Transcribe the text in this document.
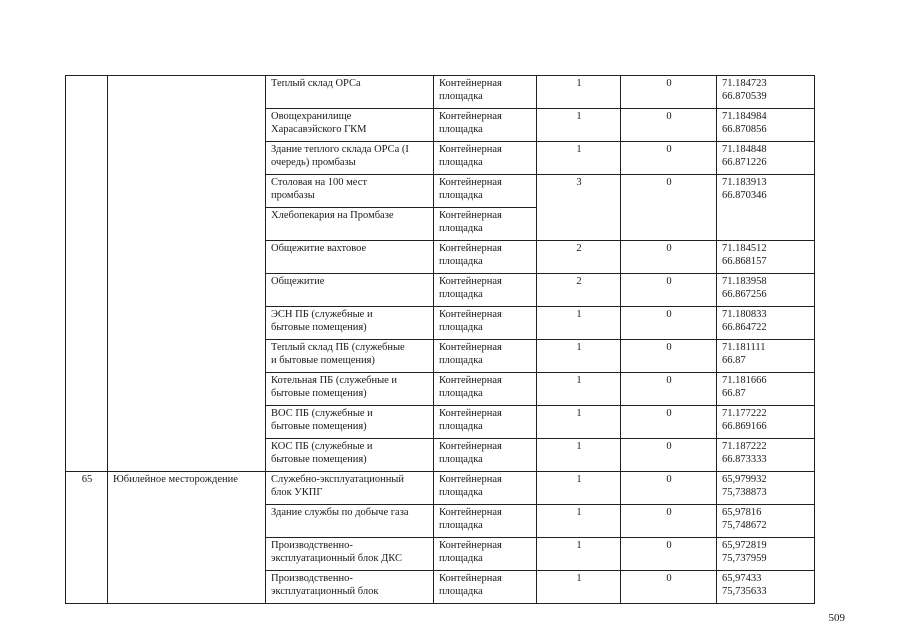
		Теплый склад ОРСа	Контейнерная
площадка	1	0	71.184723
66.870539

		Овощехранилище
Харасавэйского ГКМ	Контейнерная
площадка	1	0	71.184984
66.870856

		Здание теплого склада ОРСа (I
очередь) промбазы	Контейнерная
площадка	1	0	71.184848
66.871226

		Столовая на 100 мест
промбазы	Контейнерная
площадка	3	0	71.183913
66.870346

		Хлебопекария на Промбазе	Контейнерная
площадка			

		Общежитие вахтовое	Контейнерная
площадка	2	0	71.184512
66.868157

		Общежитие	Контейнерная
площадка	2	0	71.183958
66.867256

		ЭСН ПБ (служебные и
бытовые помещения)	Контейнерная
площадка	1	0	71.180833
66.864722

		Теплый склад ПБ (служебные
и бытовые помещения)	Контейнерная
площадка	1	0	71.181111
66.87

		Котельная ПБ (служебные и
бытовые помещения)	Контейнерная
площадка	1	0	71.181666
66.87

		ВОС ПБ (служебные и
бытовые помещения)	Контейнерная
площадка	1	0	71.177222
66.869166

		КОС ПБ (служебные и
бытовые помещения)	Контейнерная
площадка	1	0	71.187222
66.873333

65	Юбилейное месторождение	Служебно-эксплуатационный
блок УКПГ	Контейнерная
площадка	1	0	65,979932
75,738873

		Здание службы по добыче газа	Контейнерная
площадка	1	0	65,97816
75,748672

		Производственно-
эксплуатационный блок ДКС	Контейнерная
площадка	1	0	65,972819
75,737959

		Производственно-
эксплуатационный блок	Контейнерная
площадка	1	0	65,97433
75,735633
509
